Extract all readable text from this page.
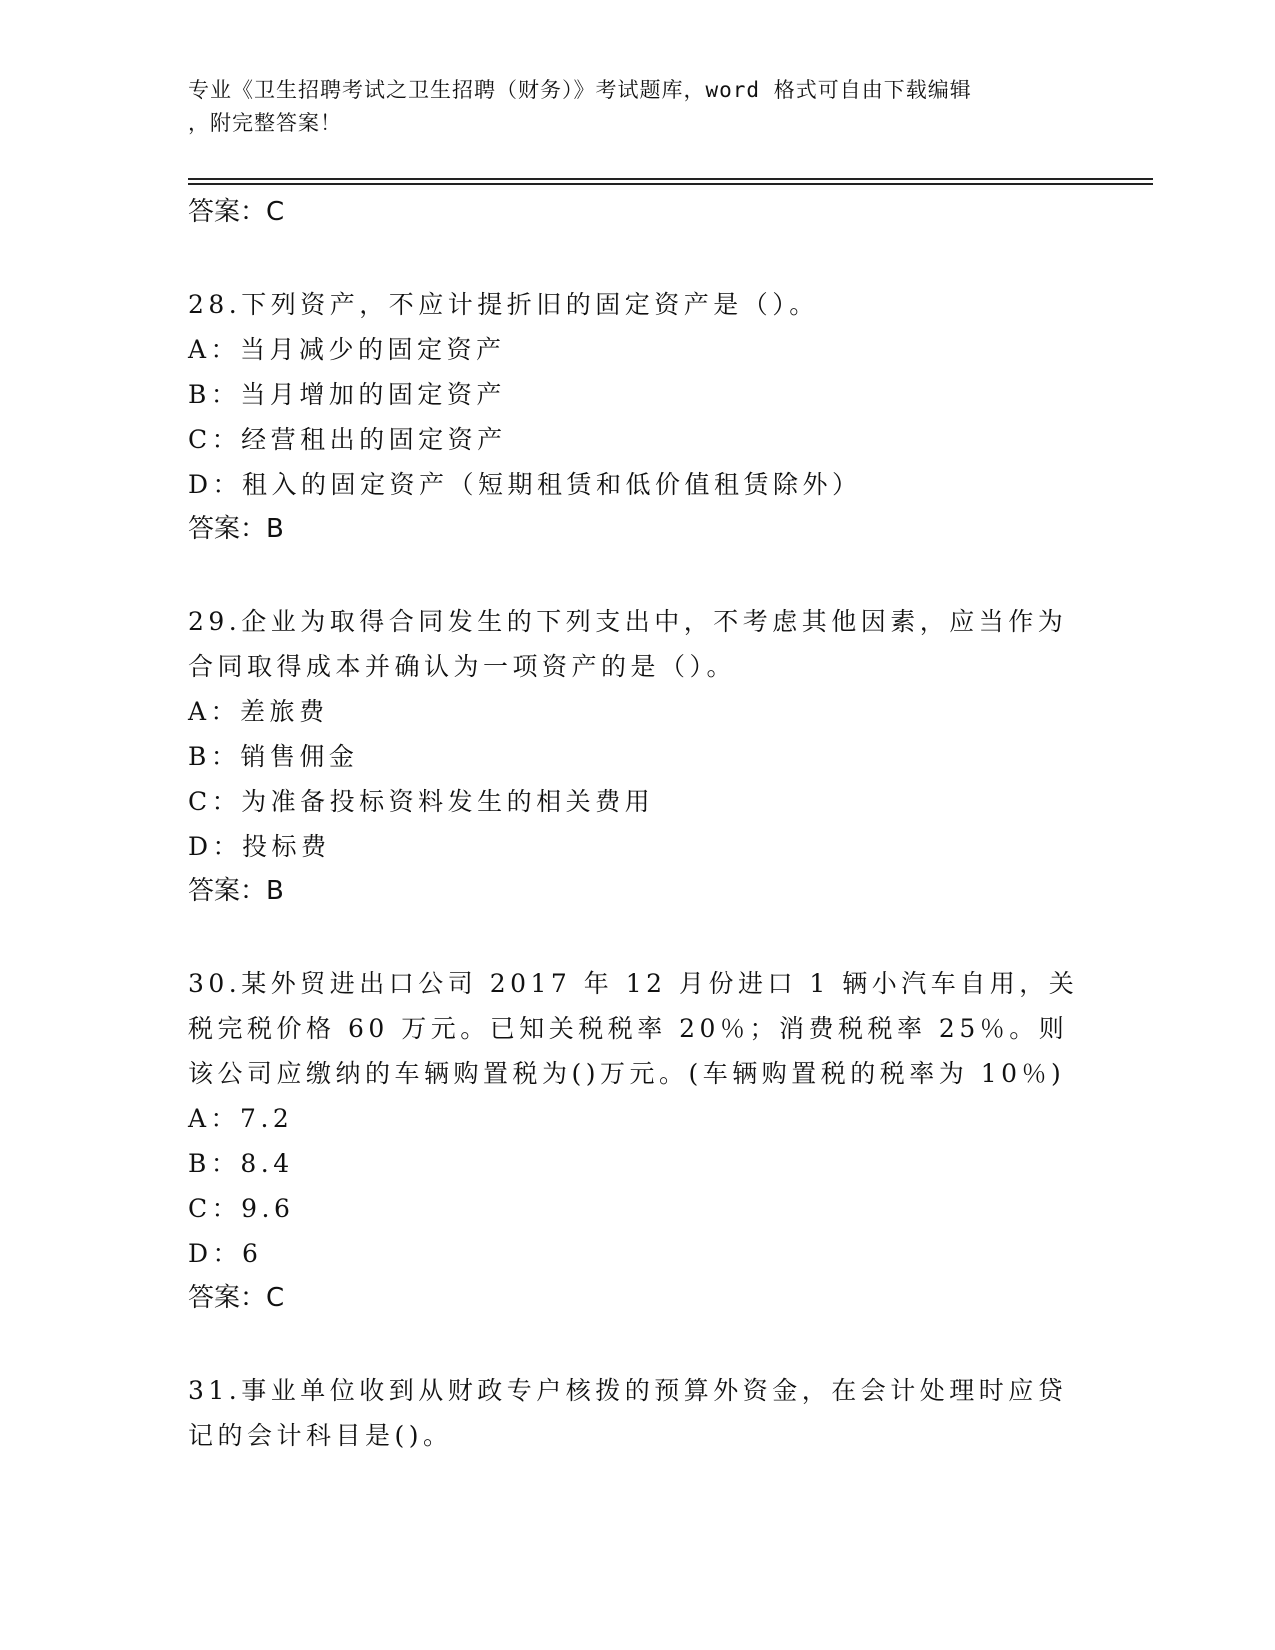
专业《卫生招聘考试之卫生招聘（财务）》考试题库，word 格式可自由下载编辑
，附完整答案！
答案：C
28.下列资产，不应计提折旧的固定资产是（）。
A：当月减少的固定资产
B：当月增加的固定资产
C：经营租出的固定资产
D：租入的固定资产（短期租赁和低价值租赁除外）
答案：B
29.企业为取得合同发生的下列支出中，不考虑其他因素，应当作为合同取得成本并确认为一项资产的是（）。
A：差旅费
B：销售佣金
C：为准备投标资料发生的相关费用
D：投标费
答案：B
30.某外贸进出口公司 2017 年 12 月份进口 1 辆小汽车自用，关税完税价格 60 万元。已知关税税率 20％；消费税税率 25％。则该公司应缴纳的车辆购置税为()万元。(车辆购置税的税率为 10％)
A：7.2
B：8.4
C：9.6
D：6
答案：C
31.事业单位收到从财政专户核拨的预算外资金，在会计处理时应贷记的会计科目是()。
